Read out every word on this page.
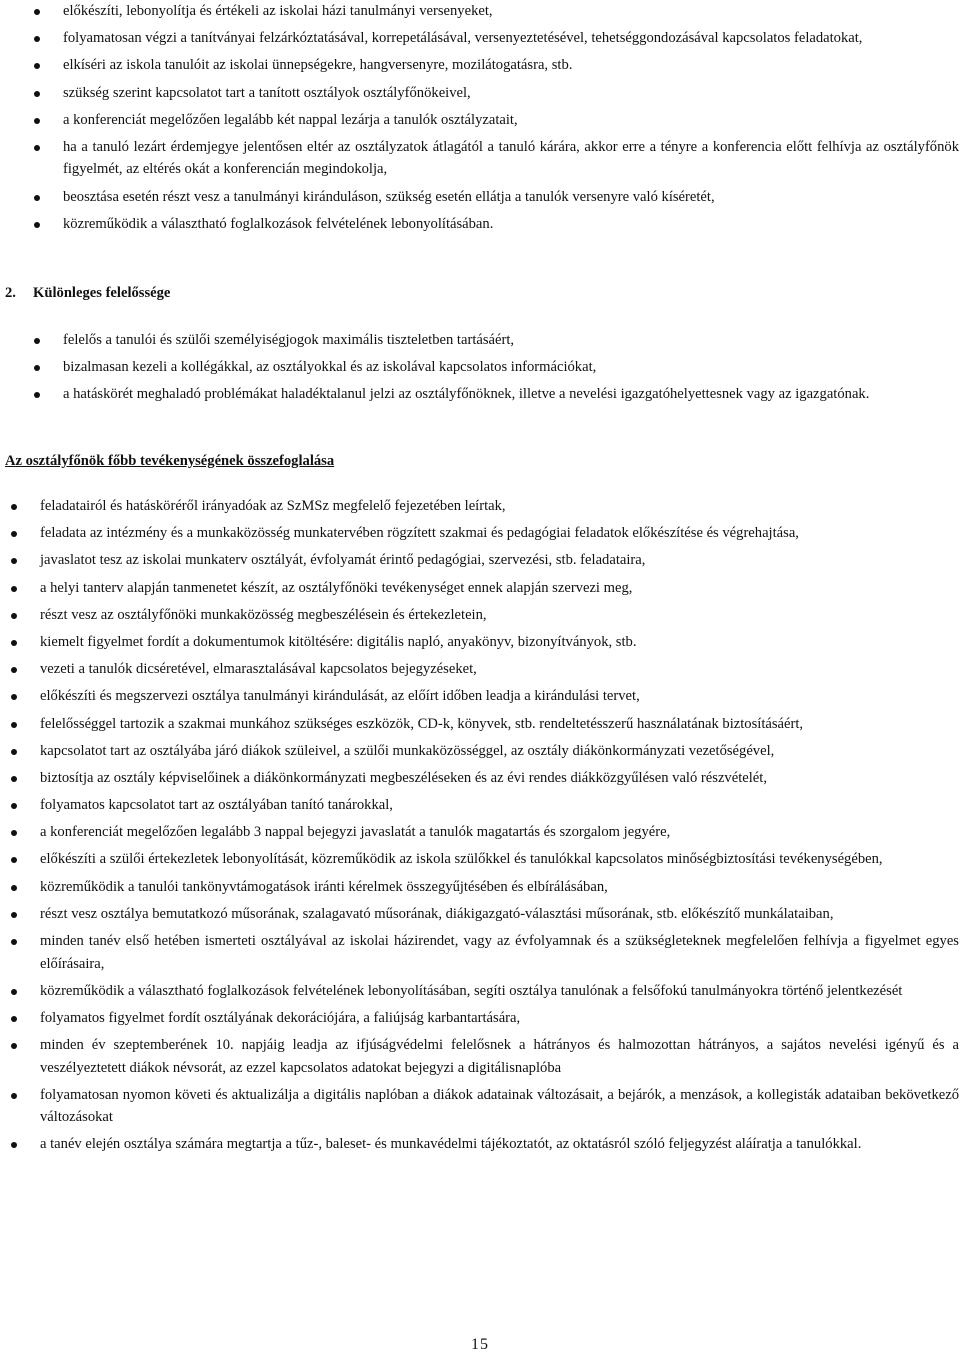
előkészíti, lebonyolítja és értékeli az iskolai házi tanulmányi versenyeket,
folyamatosan végzi a tanítványai felzárkóztatásával, korrepetálásával, versenyeztetésével, tehetséggondozásával kapcsolatos feladatokat,
elkíséri az iskola tanulóit az iskolai ünnepségekre, hangversenyre, mozilátogatásra, stb.
szükség szerint kapcsolatot tart a tanított osztályok osztályfőnökeivel,
a konferenciát megelőzően legalább két nappal lezárja a tanulók osztályzatait,
ha a tanuló lezárt érdemjegye jelentősen eltér az osztályzatok átlagától a tanuló kárára, akkor erre a tényre a konferencia előtt felhívja az osztályfőnök figyelmét, az eltérés okát a konferencián megindokolja,
beosztása esetén részt vesz a tanulmányi kiránduláson, szükség esetén ellátja a tanulók versenyre való kíséretét,
közreműködik a választható foglalkozások felvételének lebonyolításában.
2. Különleges felelőssége
felelős a tanulói és szülői személyiségjogok maximális tiszteletben tartásáért,
bizalmasan kezeli a kollégákkal, az osztályokkal és az iskolával kapcsolatos információkat,
a hatáskörét meghaladó problémákat haladéktalanul jelzi az osztályfőnöknek, illetve a nevelési igazgatóhelyettesnek vagy az igazgatónak.
Az osztályfőnök főbb tevékenységének összefoglalása
feladatairól és hatásköréről irányadóak az SzMSz megfelelő fejezetében leírtak,
feladata az intézmény és a munkaközösség munkatervében rögzített szakmai és pedagógiai feladatok előkészítése és végrehajtása,
javaslatot tesz az iskolai munkaterv osztályát, évfolyamát érintő pedagógiai, szervezési, stb. feladataira,
a helyi tanterv alapján tanmenetet készít, az osztályfőnöki tevékenységet ennek alapján szervezi meg,
részt vesz az osztályfőnöki munkaközösség megbeszélésein és értekezletein,
kiemelt figyelmet fordít a dokumentumok kitöltésére: digitális napló, anyakönyv, bizonyítványok, stb.
vezeti a tanulók dicséretével, elmarasztalásával kapcsolatos bejegyzéseket,
előkészíti és megszervezi osztálya tanulmányi kirándulását, az előírt időben leadja a kirándulási tervet,
felelősséggel tartozik a szakmai munkához szükséges eszközök, CD-k, könyvek, stb. rendeltetésszerű használatának biztosításáért,
kapcsolatot tart az osztályába járó diákok szüleivel, a szülői munkaközösséggel, az osztály diákönkormányzati vezetőségével,
biztosítja az osztály képviselőinek a diákönkormányzati megbeszéléseken és az évi rendes diákközgyűlésen való részvételét,
folyamatos kapcsolatot tart az osztályában tanító tanárokkal,
a konferenciát megelőzően legalább 3 nappal bejegyzi javaslatát a tanulók magatartás és szorgalom jegyére,
előkészíti a szülői értekezletek lebonyolítását, közreműködik az iskola szülőkkel és tanulókkal kapcsolatos minőségbiztosítási tevékenységében,
közreműködik a tanulói tankönyvtámogatások iránti kérelmek összegyűjtésében és elbírálásában,
részt vesz osztálya bemutatkozó műsorának, szalagavató műsorának, diákigazgató-választási műsorának, stb. előkészítő munkálataiban,
minden tanév első hetében ismerteti osztályával az iskolai házirendet, vagy az évfolyamnak és a szükségleteknek megfelelően felhívja a figyelmet egyes előírásaira,
közreműködik a választható foglalkozások felvételének lebonyolításában, segíti osztálya tanulónak a felsőfokú tanulmányokra történő jelentkezését
folyamatos figyelmet fordít osztályának dekorációjára, a faliújság karbantartására,
minden év szeptemberének 10. napjáig leadja az ifjúságvédelmi felelősnek a hátrányos és halmozottan hátrányos, a sajátos nevelési igényű és a veszélyeztetett diákok névsorát, az ezzel kapcsolatos adatokat bejegyzi a digitálisnaplóba
folyamatosan nyomon követi és aktualizálja a digitális naplóban a diákok adatainak változásait, a bejárók, a menzások, a kollegisták adataiban bekövetkező változásokat
a tanév elején osztálya számára megtartja a tűz-, baleset- és munkavédelmi tájékoztatót, az oktatásról szóló feljegyzést aláíratja a tanulókkal.
15
